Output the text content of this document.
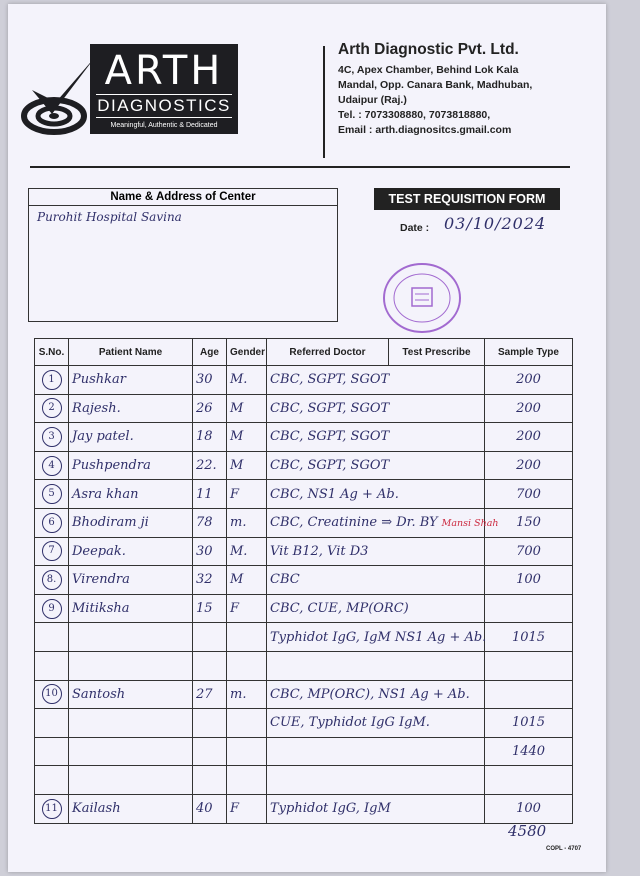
ARTH
DIAGNOSTICS
Meaningful, Authentic & Dedicated
Arth Diagnostic Pvt. Ltd.
4C, Apex Chamber, Behind Lok Kala
Mandal, Opp. Canara Bank, Madhuban,
Udaipur (Raj.)
Tel. : 7073308880, 7073818880,
Email : arth.diagnositcs.gmail.com
Name & Address of Center
Purohit Hospital Savina
TEST REQUISITION FORM
Date : 03/10/2024
S.No.	Patient Name	Age	Gender	Referred Doctor	Test Prescribe	Sample Type
1	Pushkar	30	M.	CBC, SGPT, SGOT		200
2	Rajesh.	26	M	CBC, SGPT, SGOT		200
3	Jay patel.	18	M	CBC, SGPT, SGOT		200
4	Pushpendra	22.	M	CBC, SGPT, SGOT		200
5	Asra khan	11	F	CBC, NS1 Ag + Ab.		700
6	Bhodiram ji	78	m.	CBC, Creatinine ⇒ Dr. BY Mansi Shah		150
7	Deepak.	30	M.	Vit B12, Vit D3		700
8.	Virendra	32	M	CBC		100
9	Mitiksha	15	F	CBC, CUE, MP(ORC)		
				Typhidot IgG, IgM NS1 Ag + Ab.		1015

10	Santosh	27	m.	CBC, MP(ORC), NS1 Ag + Ab.		
				CUE, Typhidot IgG IgM.		1015
						1440

11	Kailash	40	F	Typhidot IgG, IgM		100
4580
COPL - 4707
